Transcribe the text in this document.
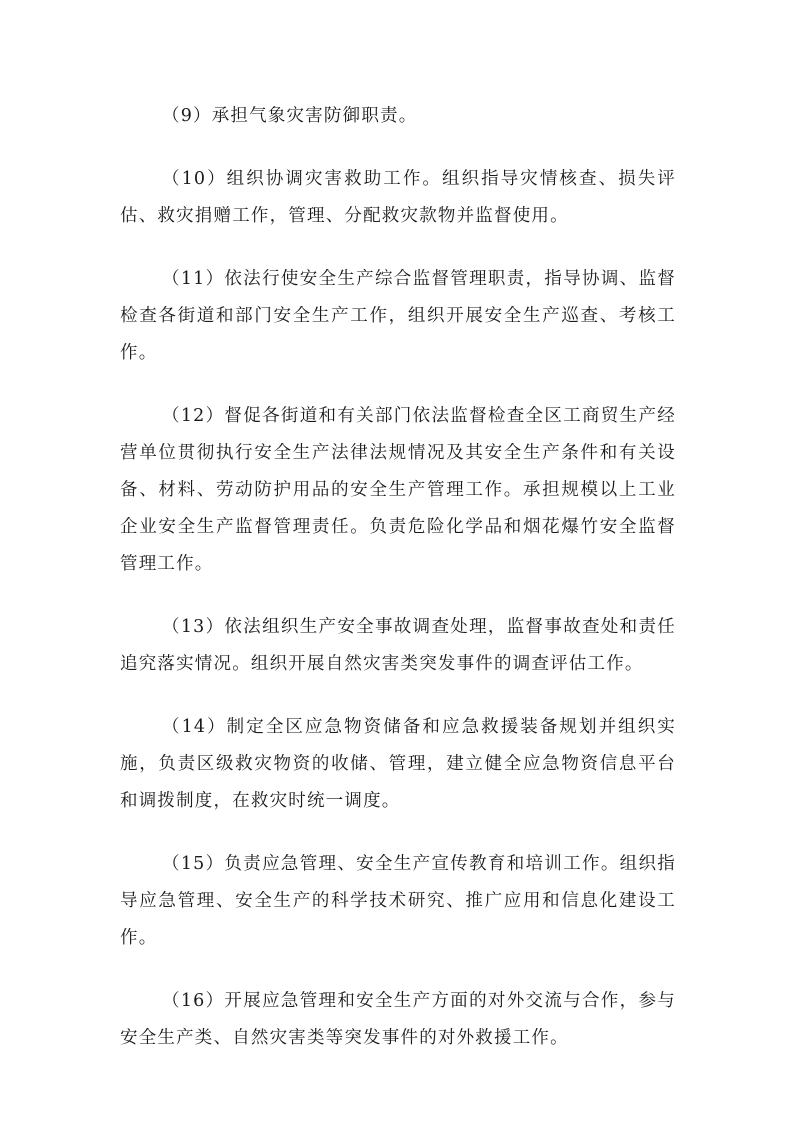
（9）承担气象灾害防御职责。

（10）组织协调灾害救助工作。组织指导灾情核查、损失评估、救灾捐赠工作，管理、分配救灾款物并监督使用。

（11）依法行使安全生产综合监督管理职责，指导协调、监督检查各街道和部门安全生产工作，组织开展安全生产巡查、考核工作。

（12）督促各街道和有关部门依法监督检查全区工商贸生产经营单位贯彻执行安全生产法律法规情况及其安全生产条件和有关设备、材料、劳动防护用品的安全生产管理工作。承担规模以上工业企业安全生产监督管理责任。负责危险化学品和烟花爆竹安全监督管理工作。

（13）依法组织生产安全事故调查处理，监督事故查处和责任追究落实情况。组织开展自然灾害类突发事件的调查评估工作。

（14）制定全区应急物资储备和应急救援装备规划并组织实施，负责区级救灾物资的收储、管理，建立健全应急物资信息平台和调拨制度，在救灾时统一调度。

（15）负责应急管理、安全生产宣传教育和培训工作。组织指导应急管理、安全生产的科学技术研究、推广应用和信息化建设工作。

（16）开展应急管理和安全生产方面的对外交流与合作，参与安全生产类、自然灾害类等突发事件的对外救援工作。
